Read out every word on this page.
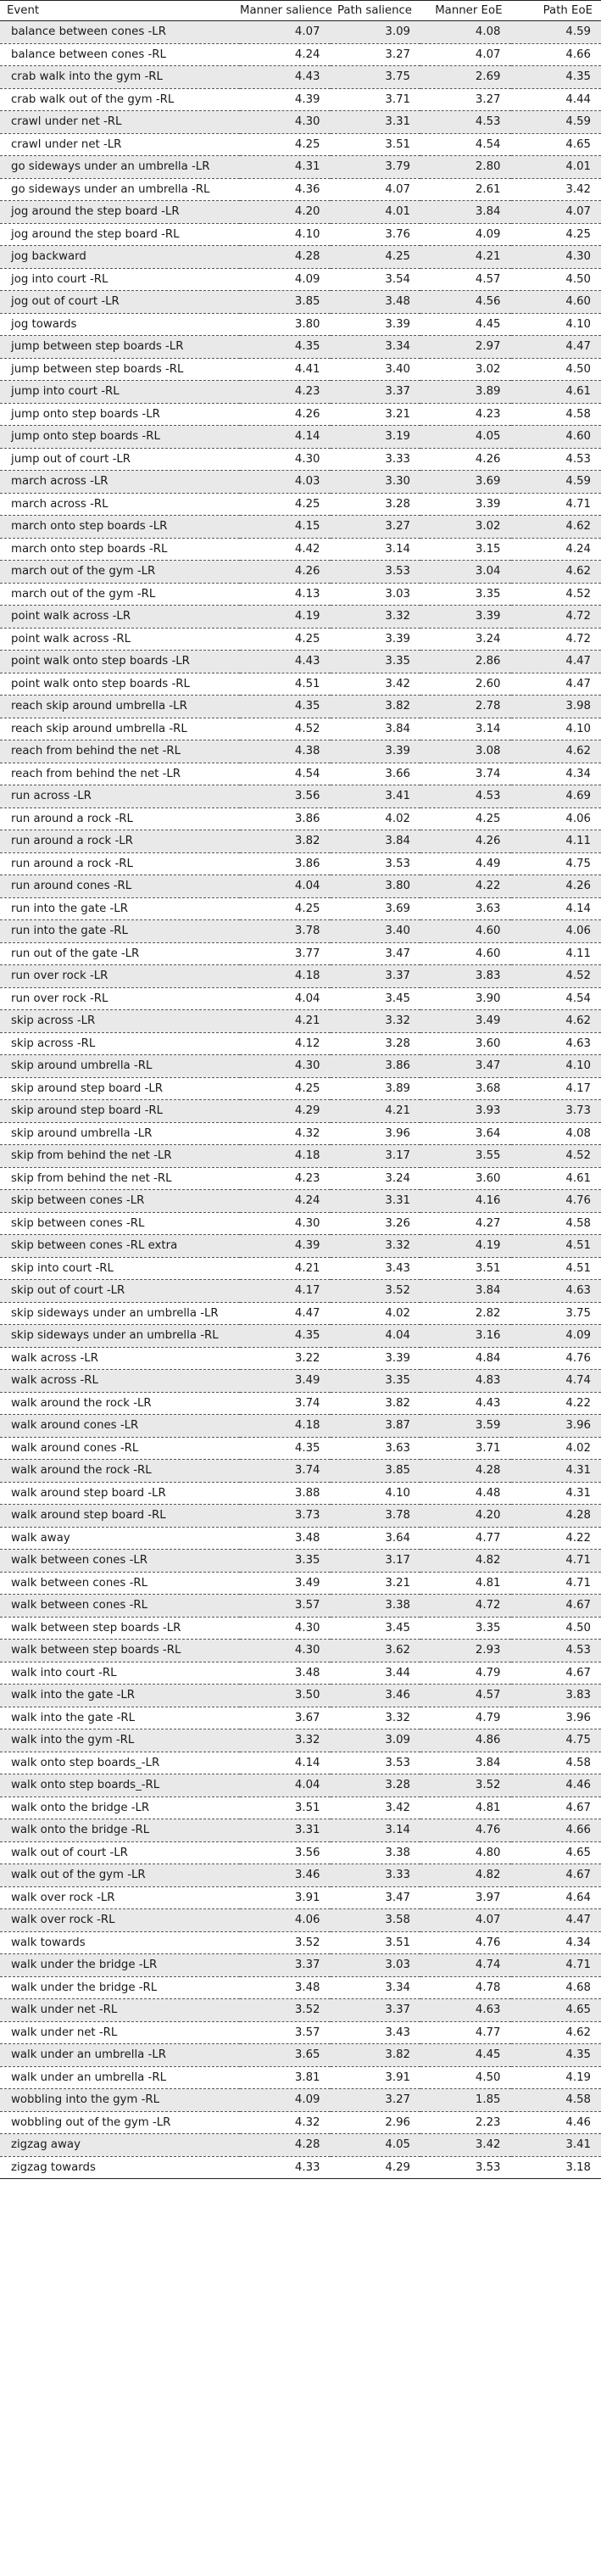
Event	Manner salience	Path salience	Manner EoE	Path EoE
balance between cones -LR	4.07	3.09	4.08	4.59
balance between cones -RL	4.24	3.27	4.07	4.66
crab walk into the gym -RL	4.43	3.75	2.69	4.35
crab walk out of the gym -RL	4.39	3.71	3.27	4.44
crawl under net -RL	4.30	3.31	4.53	4.59
crawl under net -LR	4.25	3.51	4.54	4.65
go sideways under an umbrella -LR	4.31	3.79	2.80	4.01
go sideways under an umbrella -RL	4.36	4.07	2.61	3.42
jog around the step board -LR	4.20	4.01	3.84	4.07
jog around the step board -RL	4.10	3.76	4.09	4.25
jog backward	4.28	4.25	4.21	4.30
jog into court -RL	4.09	3.54	4.57	4.50
jog out of court -LR	3.85	3.48	4.56	4.60
jog towards	3.80	3.39	4.45	4.10
jump between step boards -LR	4.35	3.34	2.97	4.47
jump between step boards -RL	4.41	3.40	3.02	4.50
jump into court -RL	4.23	3.37	3.89	4.61
jump onto step boards -LR	4.26	3.21	4.23	4.58
jump onto step boards -RL	4.14	3.19	4.05	4.60
jump out of court -LR	4.30	3.33	4.26	4.53
march across -LR	4.03	3.30	3.69	4.59
march across -RL	4.25	3.28	3.39	4.71
march onto step boards -LR	4.15	3.27	3.02	4.62
march onto step boards -RL	4.42	3.14	3.15	4.24
march out of the gym -LR	4.26	3.53	3.04	4.62
march out of the gym -RL	4.13	3.03	3.35	4.52
point walk across -LR	4.19	3.32	3.39	4.72
point walk across -RL	4.25	3.39	3.24	4.72
point walk onto step boards -LR	4.43	3.35	2.86	4.47
point walk onto step boards -RL	4.51	3.42	2.60	4.47
reach skip around umbrella -LR	4.35	3.82	2.78	3.98
reach skip around umbrella -RL	4.52	3.84	3.14	4.10
reach from behind the net -RL	4.38	3.39	3.08	4.62
reach from behind the net -LR	4.54	3.66	3.74	4.34
run across -LR	3.56	3.41	4.53	4.69
run around a rock -RL	3.86	4.02	4.25	4.06
run around a rock -LR	3.82	3.84	4.26	4.11
run around a rock -RL	3.86	3.53	4.49	4.75
run around cones -RL	4.04	3.80	4.22	4.26
run into the gate -LR	4.25	3.69	3.63	4.14
run into the gate -RL	3.78	3.40	4.60	4.06
run out of the gate -LR	3.77	3.47	4.60	4.11
run over rock -LR	4.18	3.37	3.83	4.52
run over rock -RL	4.04	3.45	3.90	4.54
skip across -LR	4.21	3.32	3.49	4.62
skip across -RL	4.12	3.28	3.60	4.63
skip around umbrella -RL	4.30	3.86	3.47	4.10
skip around step board -LR	4.25	3.89	3.68	4.17
skip around step board -RL	4.29	4.21	3.93	3.73
skip around umbrella -LR	4.32	3.96	3.64	4.08
skip from behind the net -LR	4.18	3.17	3.55	4.52
skip from behind the net -RL	4.23	3.24	3.60	4.61
skip between cones -LR	4.24	3.31	4.16	4.76
skip between cones -RL	4.30	3.26	4.27	4.58
skip between cones -RL extra	4.39	3.32	4.19	4.51
skip into court -RL	4.21	3.43	3.51	4.51
skip out of court -LR	4.17	3.52	3.84	4.63
skip sideways under an umbrella -LR	4.47	4.02	2.82	3.75
skip sideways under an umbrella -RL	4.35	4.04	3.16	4.09
walk across -LR	3.22	3.39	4.84	4.76
walk across -RL	3.49	3.35	4.83	4.74
walk around the rock -LR	3.74	3.82	4.43	4.22
walk around cones -LR	4.18	3.87	3.59	3.96
walk around cones -RL	4.35	3.63	3.71	4.02
walk around the rock -RL	3.74	3.85	4.28	4.31
walk around step board -LR	3.88	4.10	4.48	4.31
walk around step board -RL	3.73	3.78	4.20	4.28
walk away	3.48	3.64	4.77	4.22
walk between cones -LR	3.35	3.17	4.82	4.71
walk between cones -RL	3.49	3.21	4.81	4.71
walk between cones -RL	3.57	3.38	4.72	4.67
walk between step boards -LR	4.30	3.45	3.35	4.50
walk between step boards -RL	4.30	3.62	2.93	4.53
walk into court -RL	3.48	3.44	4.79	4.67
walk into the gate -LR	3.50	3.46	4.57	3.83
walk into the gate -RL	3.67	3.32	4.79	3.96
walk into the gym -RL	3.32	3.09	4.86	4.75
walk onto step boards_-LR	4.14	3.53	3.84	4.58
walk onto step boards_-RL	4.04	3.28	3.52	4.46
walk onto the bridge -LR	3.51	3.42	4.81	4.67
walk onto the bridge -RL	3.31	3.14	4.76	4.66
walk out of court -LR	3.56	3.38	4.80	4.65
walk out of the gym -LR	3.46	3.33	4.82	4.67
walk over rock -LR	3.91	3.47	3.97	4.64
walk over rock -RL	4.06	3.58	4.07	4.47
walk towards	3.52	3.51	4.76	4.34
walk under the bridge -LR	3.37	3.03	4.74	4.71
walk under the bridge -RL	3.48	3.34	4.78	4.68
walk under net -RL	3.52	3.37	4.63	4.65
walk under net -RL	3.57	3.43	4.77	4.62
walk under an umbrella -LR	3.65	3.82	4.45	4.35
walk under an umbrella -RL	3.81	3.91	4.50	4.19
wobbling into the gym -RL	4.09	3.27	1.85	4.58
wobbling out of the gym -LR	4.32	2.96	2.23	4.46
zigzag away	4.28	4.05	3.42	3.41
zigzag towards	4.33	4.29	3.53	3.18
